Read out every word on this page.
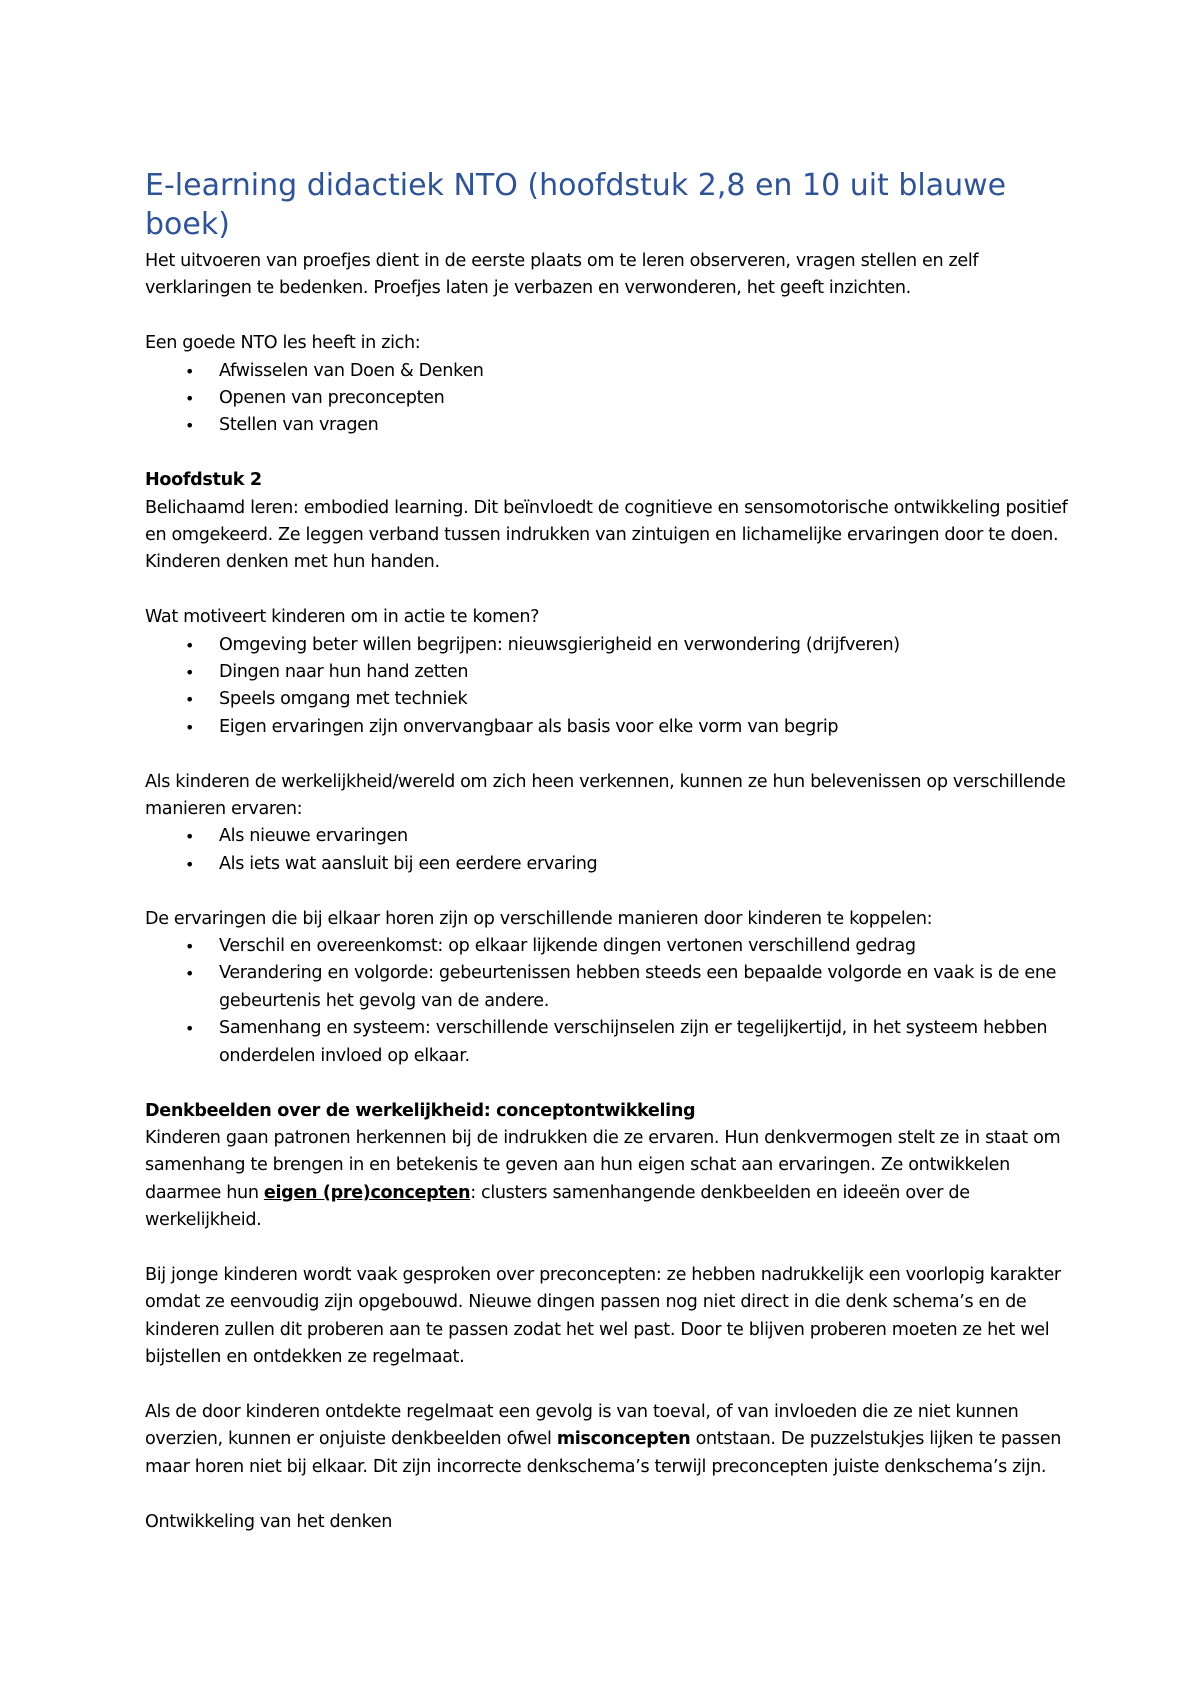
E-learning didactiek NTO (hoofdstuk 2,8 en 10 uit blauwe boek)

Het uitvoeren van proefjes dient in de eerste plaats om te leren observeren, vragen stellen en zelf verklaringen te bedenken. Proefjes laten je verbazen en verwonderen, het geeft inzichten.

Een goede NTO les heeft in zich:

• Afwisselen van Doen & Denken
• Openen van preconcepten
• Stellen van vragen

Hoofdstuk 2

Belichaamd leren: embodied learning. Dit beïnvloedt de cognitieve en sensomotorische ontwikkeling positief en omgekeerd. Ze leggen verband tussen indrukken van zintuigen en lichamelijke ervaringen door te doen. Kinderen denken met hun handen.

Wat motiveert kinderen om in actie te komen?

• Omgeving beter willen begrijpen: nieuwsgierigheid en verwondering (drijfveren)
• Dingen naar hun hand zetten
• Speels omgang met techniek
• Eigen ervaringen zijn onvervangbaar als basis voor elke vorm van begrip

Als kinderen de werkelijkheid/wereld om zich heen verkennen, kunnen ze hun belevenissen op verschillende manieren ervaren:

• Als nieuwe ervaringen
• Als iets wat aansluit bij een eerdere ervaring

De ervaringen die bij elkaar horen zijn op verschillende manieren door kinderen te koppelen:

• Verschil en overeenkomst: op elkaar lijkende dingen vertonen verschillend gedrag
• Verandering en volgorde: gebeurtenissen hebben steeds een bepaalde volgorde en vaak is de ene gebeurtenis het gevolg van de andere.
• Samenhang en systeem: verschillende verschijnselen zijn er tegelijkertijd, in het systeem hebben onderdelen invloed op elkaar.

Denkbeelden over de werkelijkheid: conceptontwikkeling

Kinderen gaan patronen herkennen bij de indrukken die ze ervaren. Hun denkvermogen stelt ze in staat om samenhang te brengen in en betekenis te geven aan hun eigen schat aan ervaringen. Ze ontwikkelen daarmee hun eigen (pre)concepten: clusters samenhangende denkbeelden en ideeën over de werkelijkheid.

Bij jonge kinderen wordt vaak gesproken over preconcepten: ze hebben nadrukkelijk een voorlopig karakter omdat ze eenvoudig zijn opgebouwd. Nieuwe dingen passen nog niet direct in die denk schema’s en de kinderen zullen dit proberen aan te passen zodat het wel past. Door te blijven proberen moeten ze het wel bijstellen en ontdekken ze regelmaat.

Als de door kinderen ontdekte regelmaat een gevolg is van toeval, of van invloeden die ze niet kunnen overzien, kunnen er onjuiste denkbeelden ofwel misconcepten ontstaan. De puzzelstukjes lijken te passen maar horen niet bij elkaar. Dit zijn incorrecte denkschema’s terwijl preconcepten juiste denkschema’s zijn.

Ontwikkeling van het denken
